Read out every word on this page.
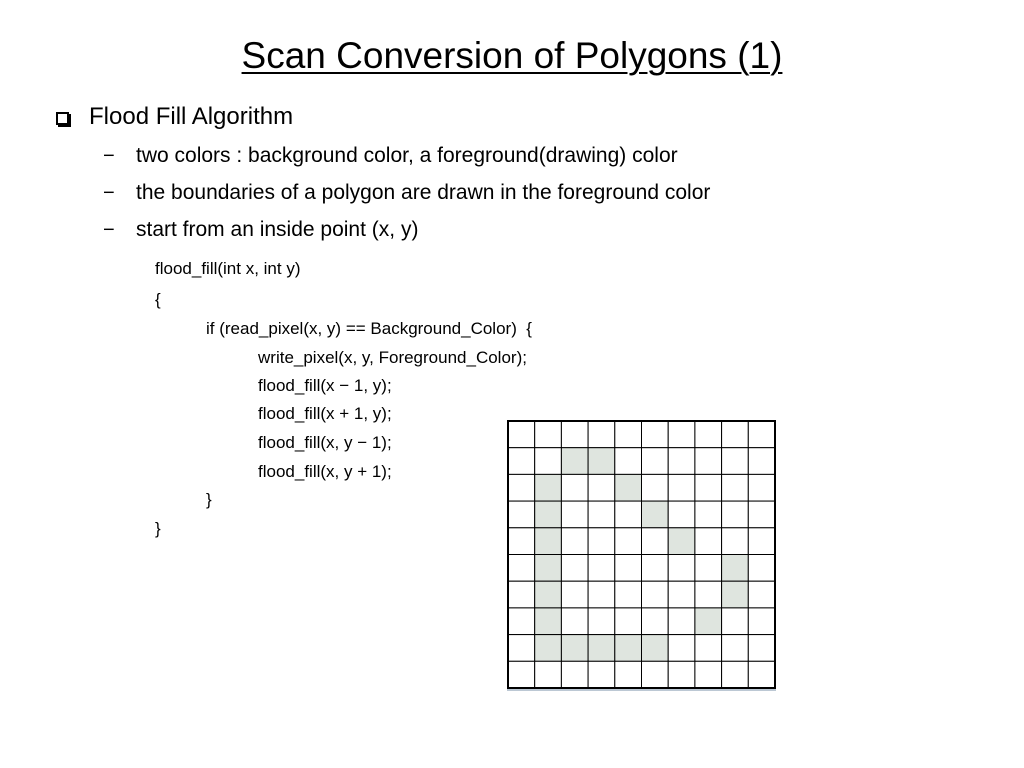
Scan Conversion of Polygons (1)
Flood Fill Algorithm
−	two colors : background color, a foreground(drawing) color
−	the boundaries of a polygon are drawn in the foreground color
−	start from an inside point (x, y)
flood_fill(int x, int y)
{
if (read_pixel(x, y) == Background_Color)  {
write_pixel(x, y, Foreground_Color);
flood_fill(x − 1, y);
flood_fill(x + 1, y);
flood_fill(x, y − 1);
flood_fill(x, y + 1);
}
}
